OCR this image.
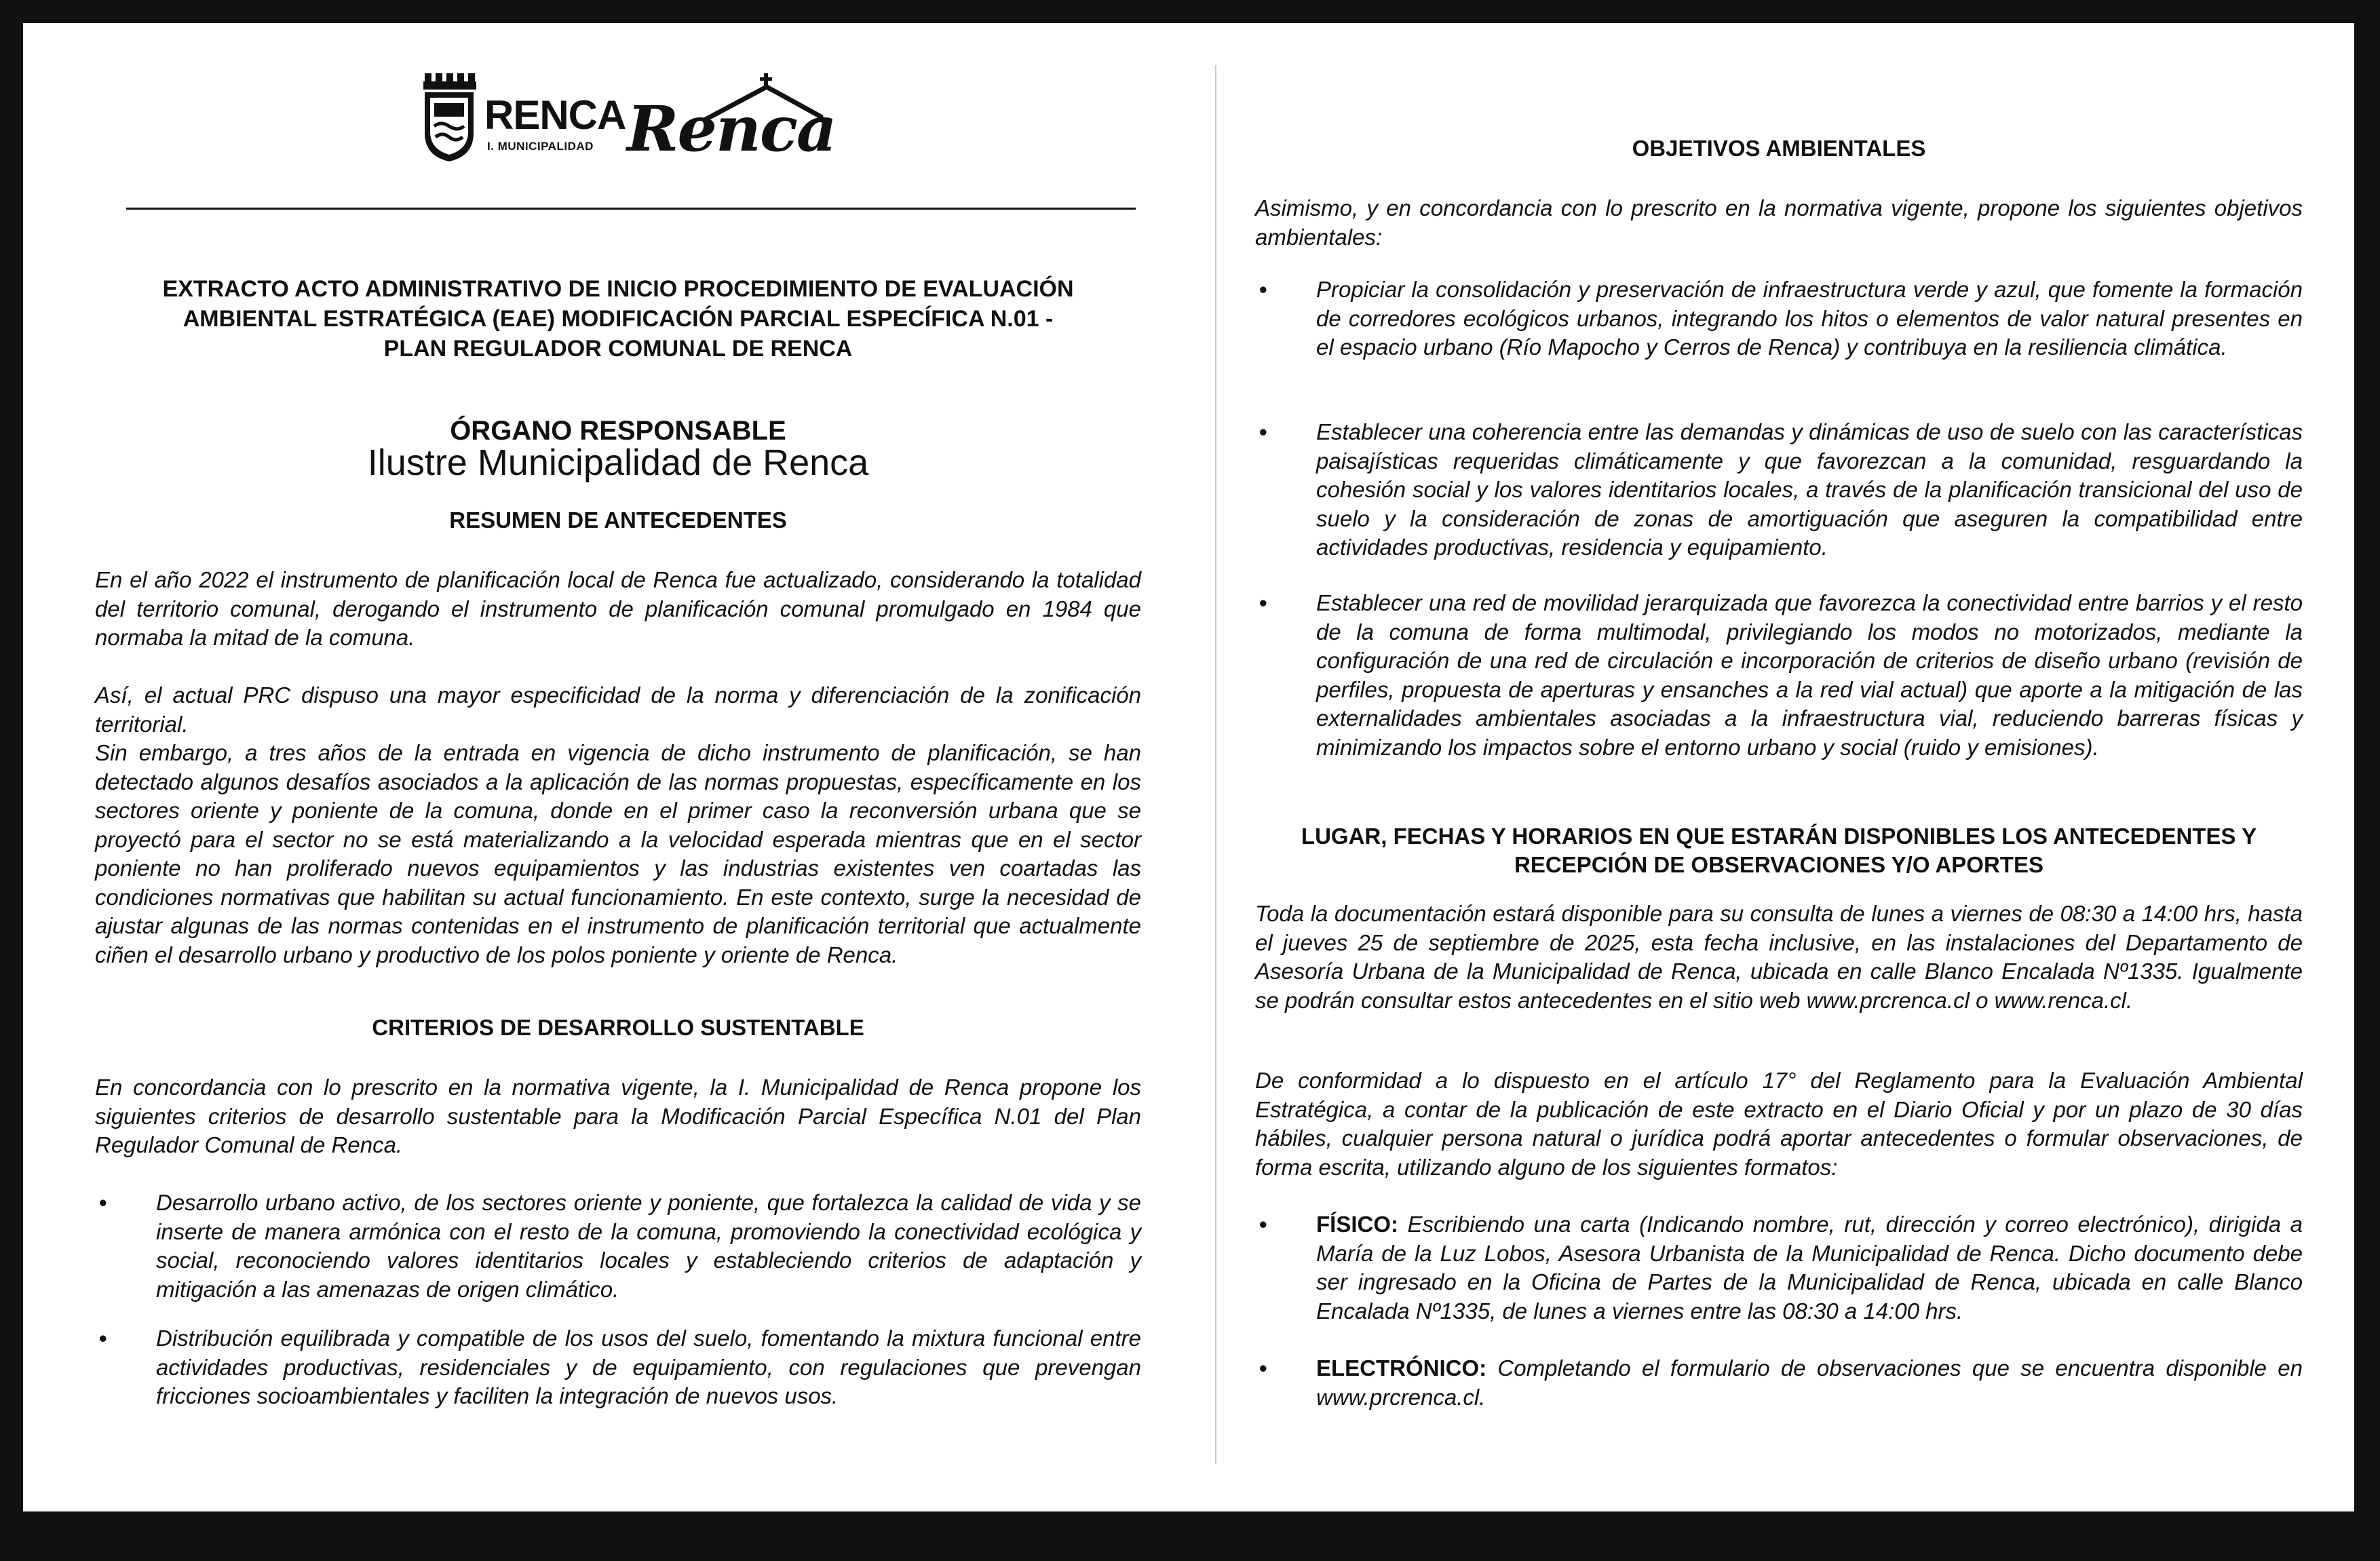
RENCA
I. MUNICIPALIDAD Renca
EXTRACTO ACTO ADMINISTRATIVO DE INICIO PROCEDIMIENTO DE EVALUACIÓN
AMBIENTAL ESTRATÉGICA (EAE) MODIFICACIÓN PARCIAL ESPECÍFICA N.01 -
PLAN REGULADOR COMUNAL DE RENCA
ÓRGANO RESPONSABLE
Ilustre Municipalidad de Renca
RESUMEN DE ANTECEDENTES
En el año 2022 el instrumento de planificación local de Renca fue actualizado, considerando la totalidad del territorio comunal, derogando el instrumento de planificación comunal promulgado en 1984 que normaba la mitad de la comuna.
Así, el actual PRC dispuso una mayor especificidad de la norma y diferenciación de la zonificación territorial.
Sin embargo, a tres años de la entrada en vigencia de dicho instrumento de planificación, se han detectado algunos desafíos asociados a la aplicación de las normas propuestas, específicamente en los sectores oriente y poniente de la comuna, donde en el primer caso la reconversión urbana que se proyectó para el sector no se está materializando a la velocidad esperada mientras que en el sector poniente no han proliferado nuevos equipamientos y las industrias existentes ven coartadas las condiciones normativas que habilitan su actual funcionamiento. En este contexto, surge la necesidad de ajustar algunas de las normas contenidas en el instrumento de planificación territorial que actualmente ciñen el desarrollo urbano y productivo de los polos poniente y oriente de Renca.
CRITERIOS DE DESARROLLO SUSTENTABLE
En concordancia con lo prescrito en la normativa vigente, la I. Municipalidad de Renca propone los siguientes criterios de desarrollo sustentable para la Modificación Parcial Específica N.01 del Plan Regulador Comunal de Renca.
• Desarrollo urbano activo, de los sectores oriente y poniente, que fortalezca la calidad de vida y se inserte de manera armónica con el resto de la comuna, promoviendo la conectividad ecológica y social, reconociendo valores identitarios locales y estableciendo criterios de adaptación y mitigación a las amenazas de origen climático.
• Distribución equilibrada y compatible de los usos del suelo, fomentando la mixtura funcional entre actividades productivas, residenciales y de equipamiento, con regulaciones que prevengan fricciones socioambientales y faciliten la integración de nuevos usos.
OBJETIVOS AMBIENTALES
Asimismo, y en concordancia con lo prescrito en la normativa vigente, propone los siguientes objetivos ambientales:
• Propiciar la consolidación y preservación de infraestructura verde y azul, que fomente la formación de corredores ecológicos urbanos, integrando los hitos o elementos de valor natural presentes en el espacio urbano (Río Mapocho y Cerros de Renca) y contribuya en la resiliencia climática.
• Establecer una coherencia entre las demandas y dinámicas de uso de suelo con las características paisajísticas requeridas climáticamente y que favorezcan a la comunidad, resguardando la cohesión social y los valores identitarios locales, a través de la planificación transicional del uso de suelo y la consideración de zonas de amortiguación que aseguren la compatibilidad entre actividades productivas, residencia y equipamiento.
• Establecer una red de movilidad jerarquizada que favorezca la conectividad entre barrios y el resto de la comuna de forma multimodal, privilegiando los modos no motorizados, mediante la configuración de una red de circulación e incorporación de criterios de diseño urbano (revisión de perfiles, propuesta de aperturas y ensanches a la red vial actual) que aporte a la mitigación de las externalidades ambientales asociadas a la infraestructura vial, reduciendo barreras físicas y minimizando los impactos sobre el entorno urbano y social (ruido y emisiones).
LUGAR, FECHAS Y HORARIOS EN QUE ESTARÁN DISPONIBLES LOS ANTECEDENTES Y
RECEPCIÓN DE OBSERVACIONES Y/O APORTES
Toda la documentación estará disponible para su consulta de lunes a viernes de 08:30 a 14:00 hrs, hasta el jueves 25 de septiembre de 2025, esta fecha inclusive, en las instalaciones del Departamento de Asesoría Urbana de la Municipalidad de Renca, ubicada en calle Blanco Encalada Nº1335. Igualmente se podrán consultar estos antecedentes en el sitio web www.prcrenca.cl o www.renca.cl.
De conformidad a lo dispuesto en el artículo 17° del Reglamento para la Evaluación Ambiental Estratégica, a contar de la publicación de este extracto en el Diario Oficial y por un plazo de 30 días hábiles, cualquier persona natural o jurídica podrá aportar antecedentes o formular observaciones, de forma escrita, utilizando alguno de los siguientes formatos:
• FÍSICO: Escribiendo una carta (Indicando nombre, rut, dirección y correo electrónico), dirigida a María de la Luz Lobos, Asesora Urbanista de la Municipalidad de Renca. Dicho documento debe ser ingresado en la Oficina de Partes de la Municipalidad de Renca, ubicada en calle Blanco Encalada Nº1335, de lunes a viernes entre las 08:30 a 14:00 hrs.
• ELECTRÓNICO: Completando el formulario de observaciones que se encuentra disponible en www.prcrenca.cl.
